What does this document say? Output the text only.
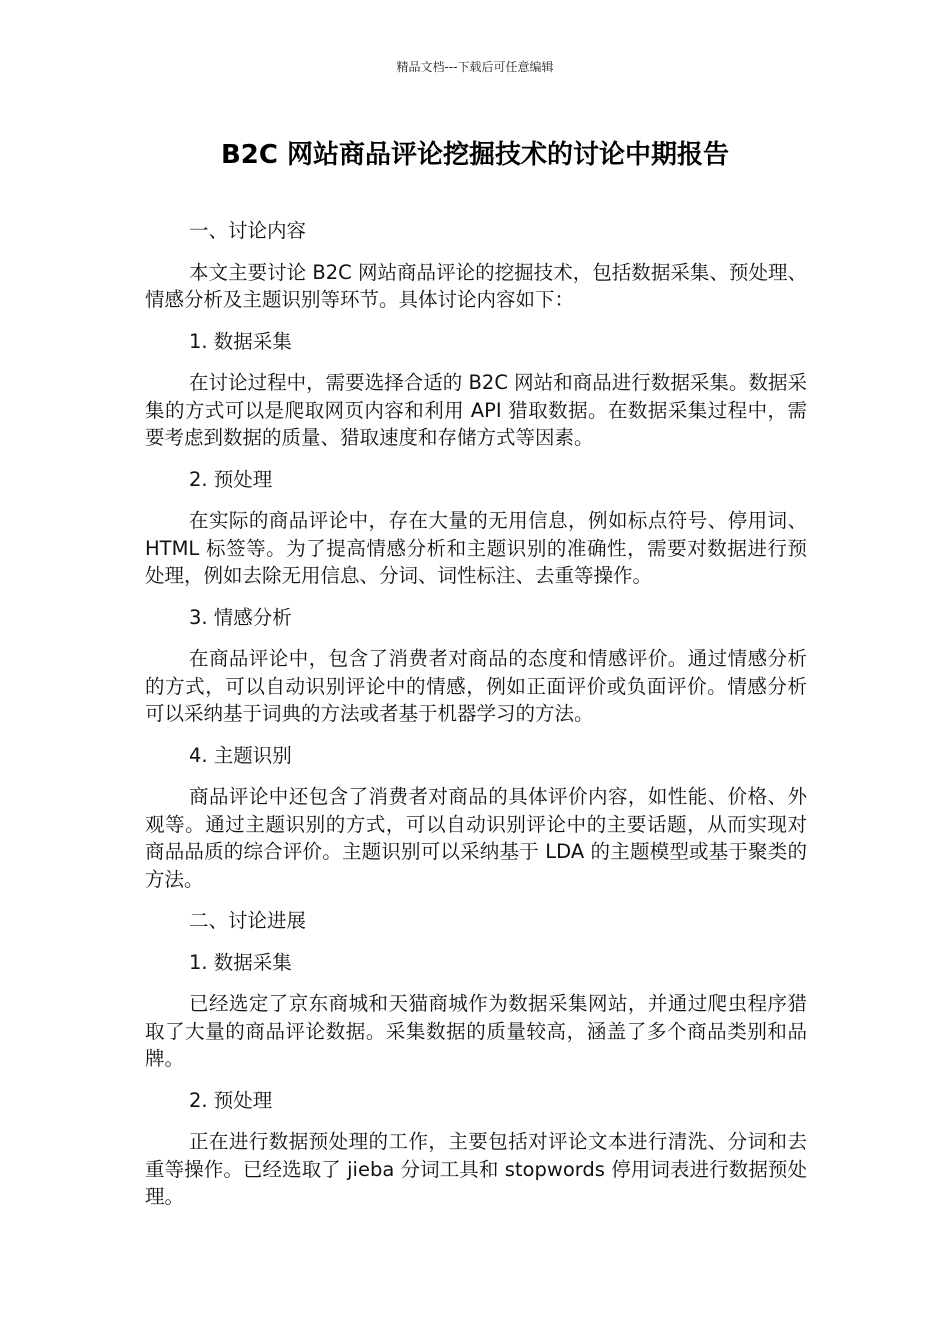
精品文档---下载后可任意编辑
B2C 网站商品评论挖掘技术的讨论中期报告

一、讨论内容

本文主要讨论 B2C 网站商品评论的挖掘技术，包括数据采集、预处理、情感分析及主题识别等环节。具体讨论内容如下：

1. 数据采集

在讨论过程中，需要选择合适的 B2C 网站和商品进行数据采集。数据采集的方式可以是爬取网页内容和利用 API 猎取数据。在数据采集过程中，需要考虑到数据的质量、猎取速度和存储方式等因素。

2. 预处理

在实际的商品评论中，存在大量的无用信息，例如标点符号、停用词、HTML 标签等。为了提高情感分析和主题识别的准确性，需要对数据进行预处理，例如去除无用信息、分词、词性标注、去重等操作。

3. 情感分析

在商品评论中，包含了消费者对商品的态度和情感评价。通过情感分析的方式，可以自动识别评论中的情感，例如正面评价或负面评价。情感分析可以采纳基于词典的方法或者基于机器学习的方法。

4. 主题识别

商品评论中还包含了消费者对商品的具体评价内容，如性能、价格、外观等。通过主题识别的方式，可以自动识别评论中的主要话题，从而实现对商品品质的综合评价。主题识别可以采纳基于 LDA 的主题模型或基于聚类的方法。

二、讨论进展

1. 数据采集

已经选定了京东商城和天猫商城作为数据采集网站，并通过爬虫程序猎取了大量的商品评论数据。采集数据的质量较高，涵盖了多个商品类别和品牌。

2. 预处理

正在进行数据预处理的工作，主要包括对评论文本进行清洗、分词和去重等操作。已经选取了 jieba 分词工具和 stopwords 停用词表进行数据预处理。
